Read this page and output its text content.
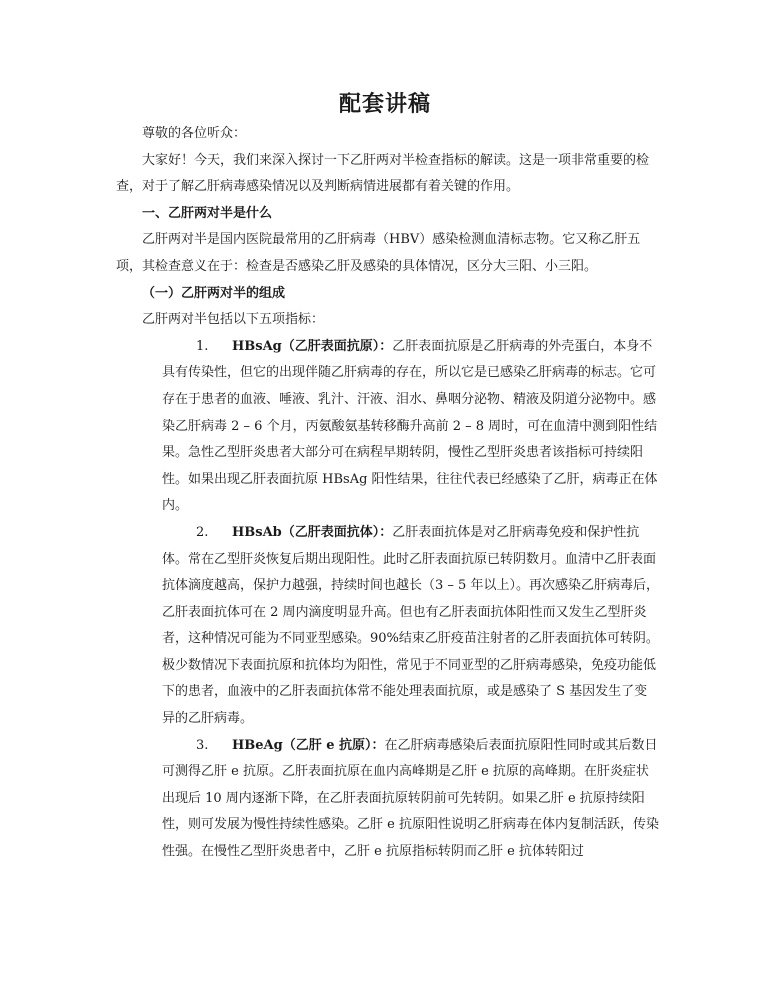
配套讲稿

尊敬的各位听众：

大家好！今天，我们来深入探讨一下乙肝两对半检查指标的解读。这是一项非常重要的检查，对于了解乙肝病毒感染情况以及判断病情进展都有着关键的作用。

一、乙肝两对半是什么

乙肝两对半是国内医院最常用的乙肝病毒（HBV）感染检测血清标志物。它又称乙肝五项，其检查意义在于：检查是否感染乙肝及感染的具体情况，区分大三阳、小三阳。

（一）乙肝两对半的组成

乙肝两对半包括以下五项指标：

1. HBsAg（乙肝表面抗原）：乙肝表面抗原是乙肝病毒的外壳蛋白，本身不具有传染性，但它的出现伴随乙肝病毒的存在，所以它是已感染乙肝病毒的标志。它可存在于患者的血液、唾液、乳汁、汗液、泪水、鼻咽分泌物、精液及阴道分泌物中。感染乙肝病毒 2 – 6 个月，丙氨酸氨基转移酶升高前 2 – 8 周时，可在血清中测到阳性结果。急性乙型肝炎患者大部分可在病程早期转阴，慢性乙型肝炎患者该指标可持续阳性。如果出现乙肝表面抗原 HBsAg 阳性结果，往往代表已经感染了乙肝，病毒正在体内。

2. HBsAb（乙肝表面抗体）：乙肝表面抗体是对乙肝病毒免疫和保护性抗体。常在乙型肝炎恢复后期出现阳性。此时乙肝表面抗原已转阴数月。血清中乙肝表面抗体滴度越高，保护力越强，持续时间也越长（3 – 5 年以上）。再次感染乙肝病毒后，乙肝表面抗体可在 2 周内滴度明显升高。但也有乙肝表面抗体阳性而又发生乙型肝炎者，这种情况可能为不同亚型感染。90%结束乙肝疫苗注射者的乙肝表面抗体可转阴。极少数情况下表面抗原和抗体均为阳性，常见于不同亚型的乙肝病毒感染，免疫功能低下的患者，血液中的乙肝表面抗体常不能处理表面抗原，或是感染了 S 基因发生了变异的乙肝病毒。

3. HBeAg（乙肝 e 抗原）：在乙肝病毒感染后表面抗原阳性同时或其后数日可测得乙肝 e 抗原。乙肝表面抗原在血内高峰期是乙肝 e 抗原的高峰期。在肝炎症状出现后 10 周内逐渐下降，在乙肝表面抗原转阴前可先转阴。如果乙肝 e 抗原持续阳性，则可发展为慢性持续性感染。乙肝 e 抗原阳性说明乙肝病毒在体内复制活跃，传染性强。在慢性乙型肝炎患者中，乙肝 e 抗原指标转阴而乙肝 e 抗体转阳过
